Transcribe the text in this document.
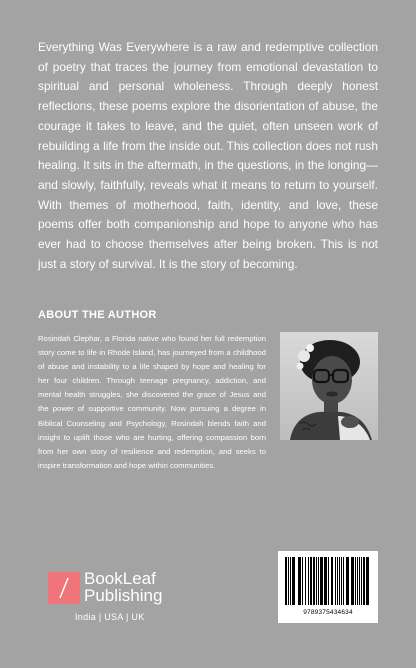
Everything Was Everywhere is a raw and redemptive collection of poetry that traces the journey from emotional devastation to spiritual and personal wholeness. Through deeply honest reflections, these poems explore the disorientation of abuse, the courage it takes to leave, and the quiet, often unseen work of rebuilding a life from the inside out. This collection does not rush healing. It sits in the aftermath, in the questions, in the longing—and slowly, faithfully, reveals what it means to return to yourself. With themes of motherhood, faith, identity, and love, these poems offer both companionship and hope to anyone who has ever had to choose themselves after being broken. This is not just a story of survival. It is the story of becoming.

ABOUT THE AUTHOR

Rosindah Clephar, a Florida native who found her full redemption story come to life in Rhode Island, has journeyed from a childhood of abuse and instability to a life shaped by hope and healing for her four children. Through teenage pregnancy, addiction, and mental health struggles, she discovered the grace of Jesus and the power of supportive community. Now pursuing a degree in Biblical Counseling and Psychology, Rosindah blends faith and insight to uplift those who are hurting, offering compassion born from her own story of resilience and redemption, and seeks to inspire transformation and hope within communities.

BookLeaf
Publishing
India | USA | UK	9789375434634
